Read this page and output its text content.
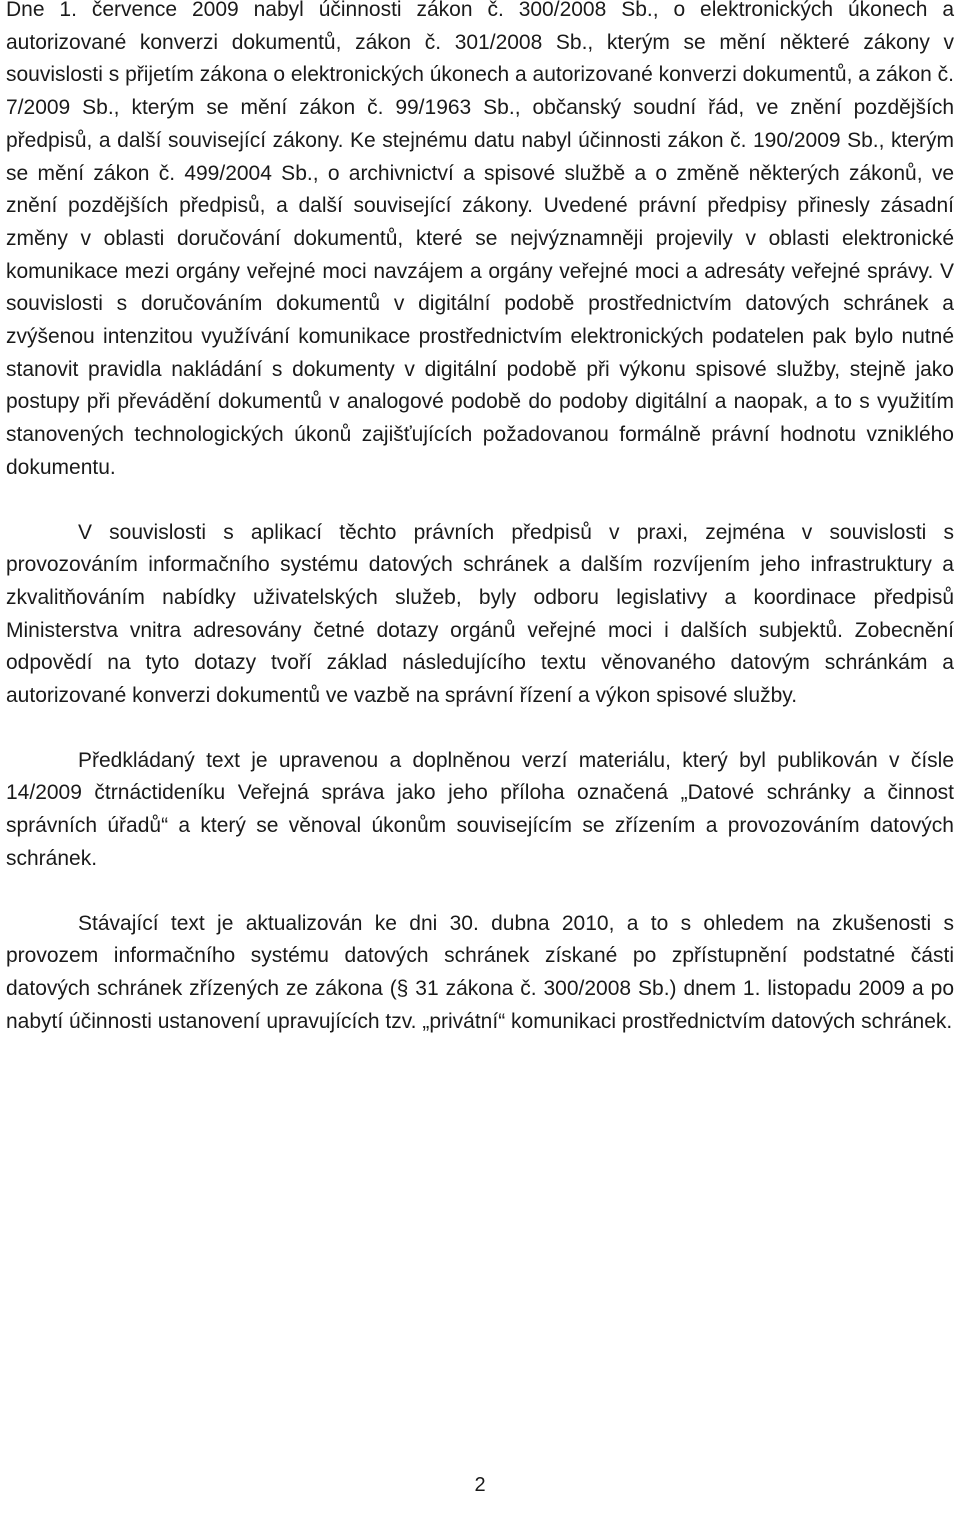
Dne 1. července 2009 nabyl účinnosti zákon č. 300/2008 Sb., o elektronických úkonech a autorizované konverzi dokumentů, zákon č. 301/2008 Sb., kterým se mění některé zákony v souvislosti s přijetím zákona o elektronických úkonech a autorizované konverzi dokumentů, a zákon č. 7/2009 Sb., kterým se mění zákon č. 99/1963 Sb., občanský soudní řád, ve znění pozdějších předpisů, a další související zákony. Ke stejnému datu nabyl účinnosti zákon č. 190/2009 Sb., kterým se mění zákon č. 499/2004 Sb., o archivnictví a spisové službě a o změně některých zákonů, ve znění pozdějších předpisů, a další související zákony. Uvedené právní předpisy přinesly zásadní změny v oblasti doručování dokumentů, které se nejvýznamněji projevily v oblasti elektronické komunikace mezi orgány veřejné moci navzájem a orgány veřejné moci a adresáty veřejné správy. V souvislosti s doručováním dokumentů v digitální podobě prostřednictvím datových schránek a zvýšenou intenzitou využívání komunikace prostřednictvím elektronických podatelen pak bylo nutné stanovit pravidla nakládání s dokumenty v digitální podobě při výkonu spisové služby, stejně jako postupy při převádění dokumentů v analogové podobě do podoby digitální a naopak, a to s využitím stanovených technologických úkonů zajišťujících požadovanou formálně právní hodnotu vzniklého dokumentu.

V souvislosti s aplikací těchto právních předpisů v praxi, zejména v souvislosti s provozováním informačního systému datových schránek a dalším rozvíjením jeho infrastruktury a zkvalitňováním nabídky uživatelských služeb, byly odboru legislativy a koordinace předpisů Ministerstva vnitra adresovány četné dotazy orgánů veřejné moci i dalších subjektů. Zobecnění odpovědí na tyto dotazy tvoří základ následujícího textu věnovaného datovým schránkám a autorizované konverzi dokumentů ve vazbě na správní řízení a výkon spisové služby.

Předkládaný text je upravenou a doplněnou verzí materiálu, který byl publikován v čísle 14/2009 čtrnáctideníku Veřejná správa jako jeho příloha označená „Datové schránky a činnost správních úřadů“ a který se věnoval úkonům souvisejícím se zřízením a provozováním datových schránek.

Stávající text je aktualizován ke dni 30. dubna 2010, a to s ohledem na zkušenosti s provozem informačního systému datových schránek získané po zpřístupnění podstatné části datových schránek zřízených ze zákona (§ 31 zákona č. 300/2008 Sb.) dnem 1. listopadu 2009 a po nabytí účinnosti ustanovení upravujících tzv. „privátní“ komunikaci prostřednictvím datových schránek.

2
